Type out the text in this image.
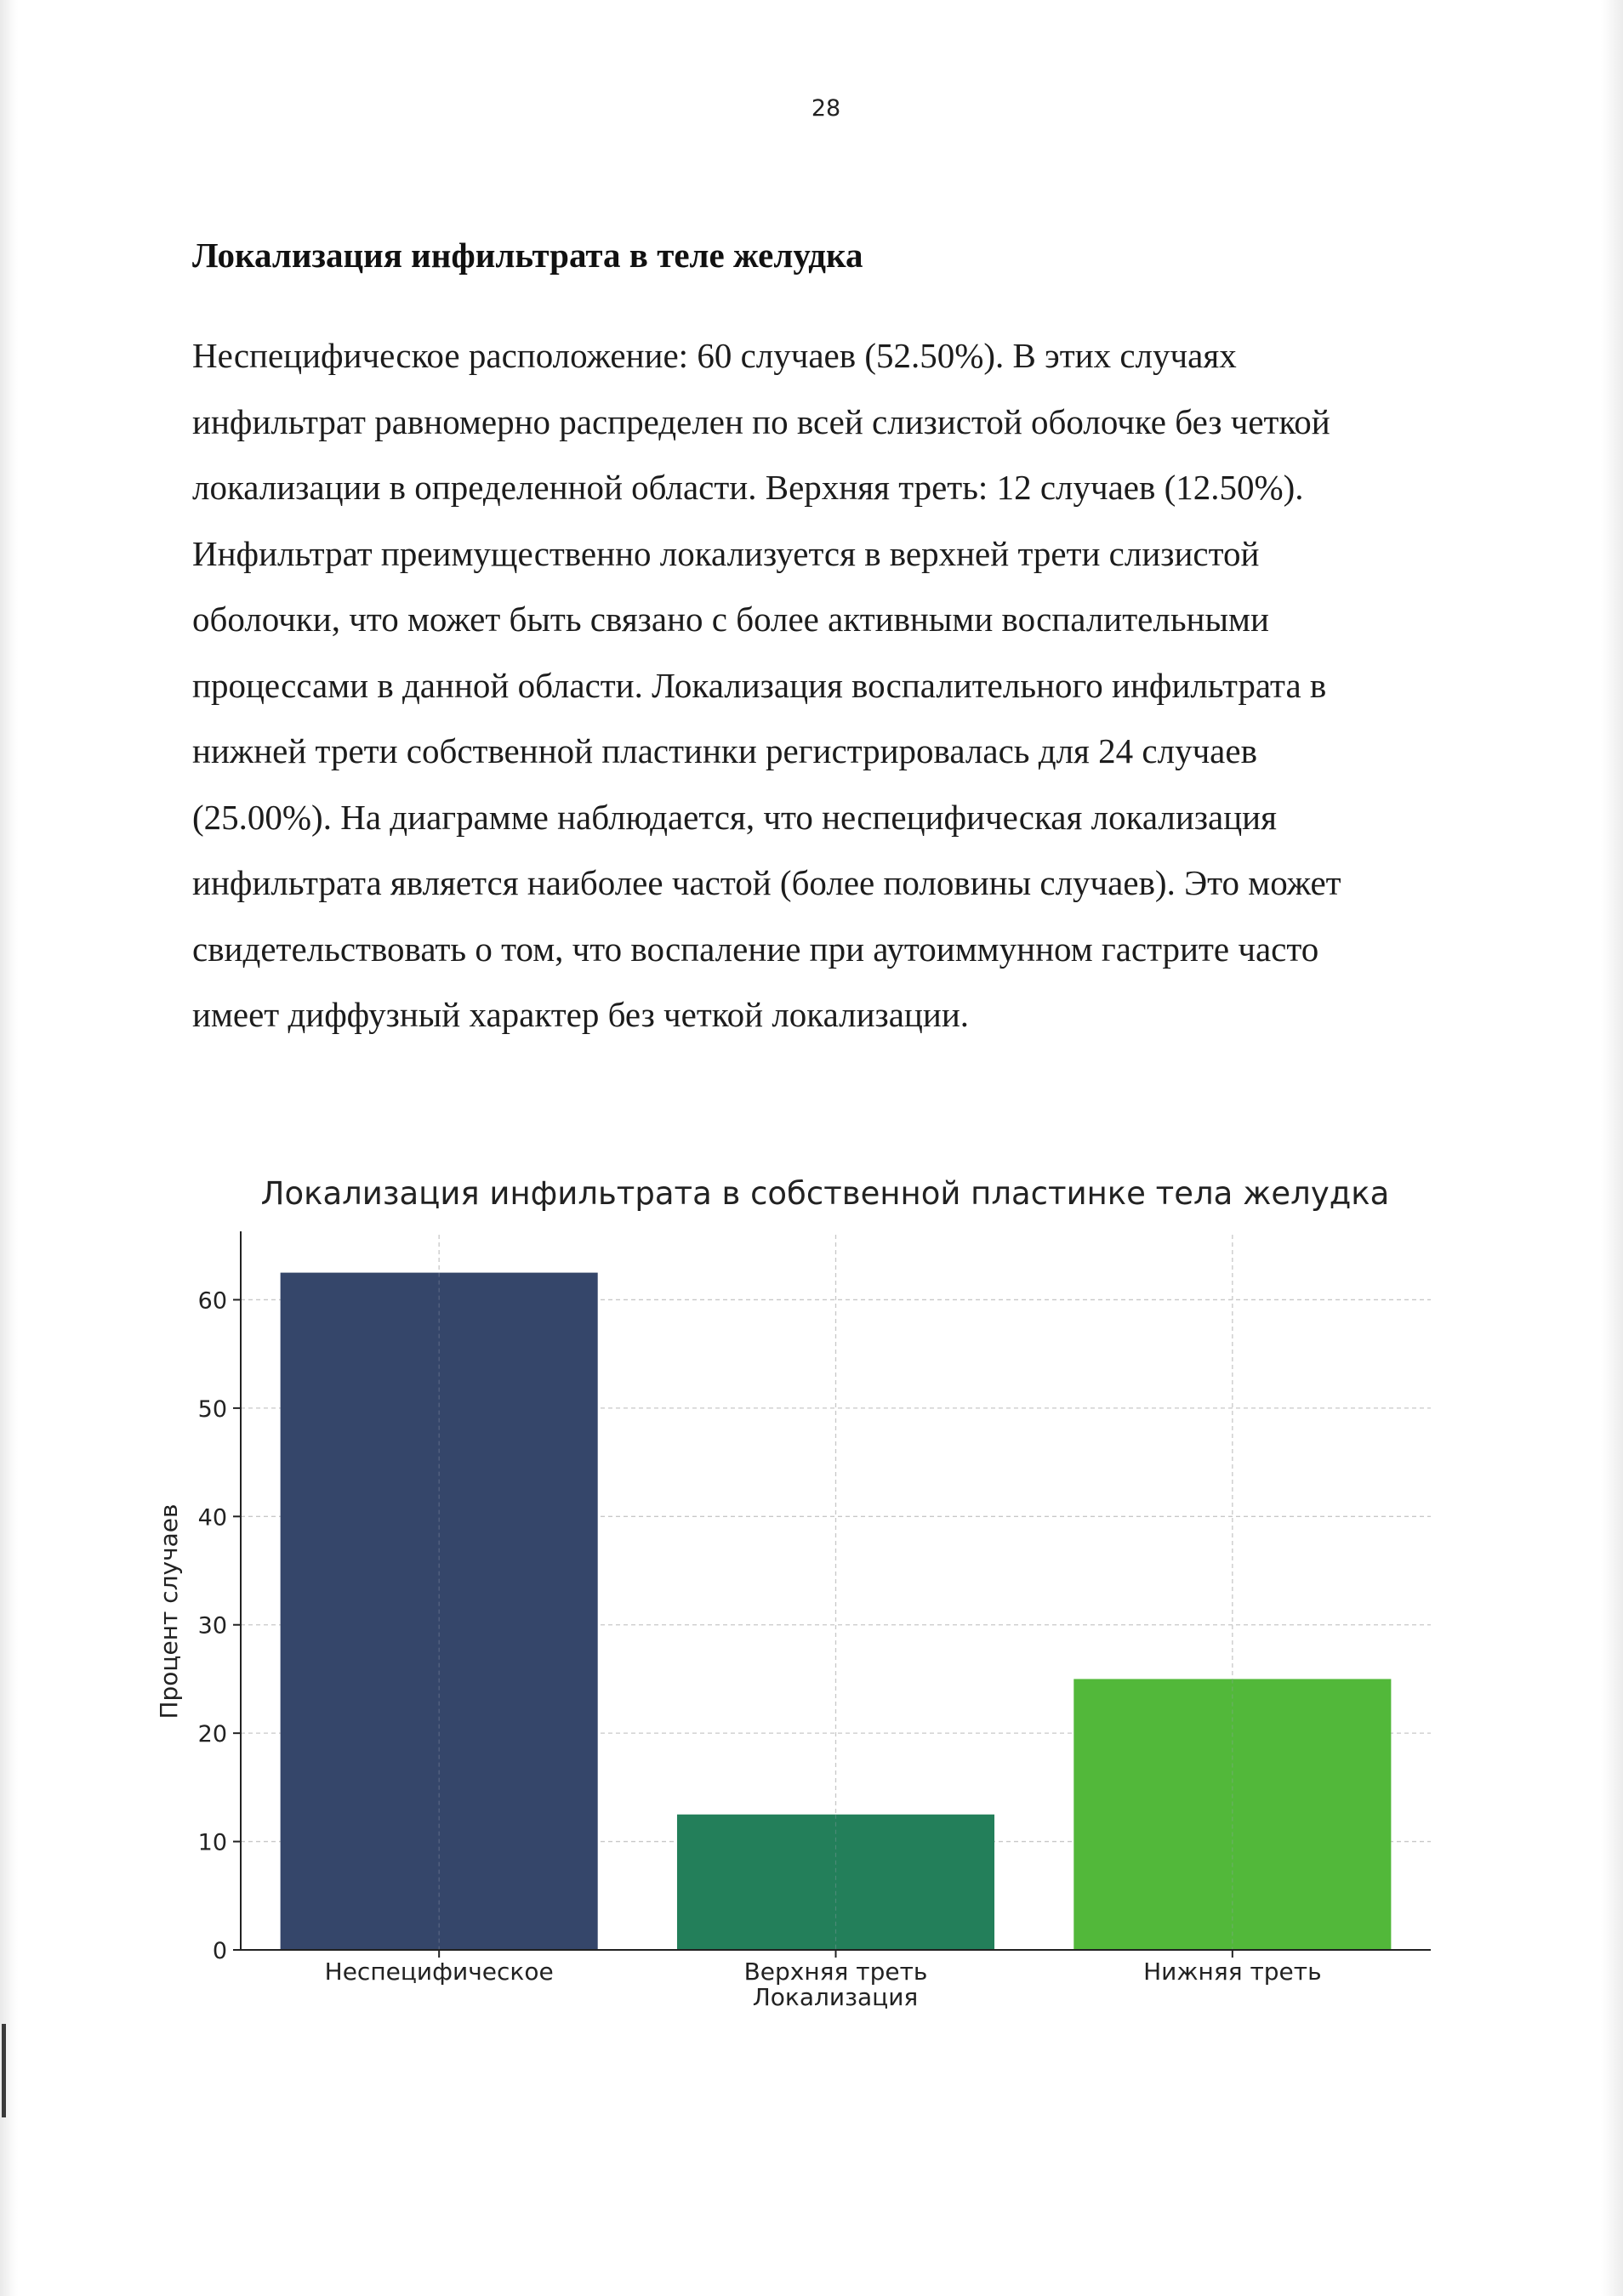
28
Локализация инфильтрата в теле желудка

Неспецифическое расположение: 60 случаев (52.50%). В этих случаях
инфильтрат равномерно распределен по всей слизистой оболочке без четкой
локализации в определенной области. Верхняя треть: 12 случаев (12.50%).
Инфильтрат преимущественно локализуется в верхней трети слизистой
оболочки, что может быть связано с более активными воспалительными
процессами в данной области. Локализация воспалительного инфильтрата в
нижней трети собственной пластинки регистрировалась для 24 случаев
(25.00%). На диаграмме наблюдается, что неспецифическая локализация
инфильтрата является наиболее частой (более половины случаев). Это может
свидетельствовать о том, что воспаление при аутоиммунном гастрите часто
имеет диффузный характер без четкой локализации.

Локализация инфильтрата в собственной пластинке тела желудка
0
10
20
30
40
50
60
Неспецифическое	Верхняя треть	Нижняя треть
Локализация
Процент случаев
